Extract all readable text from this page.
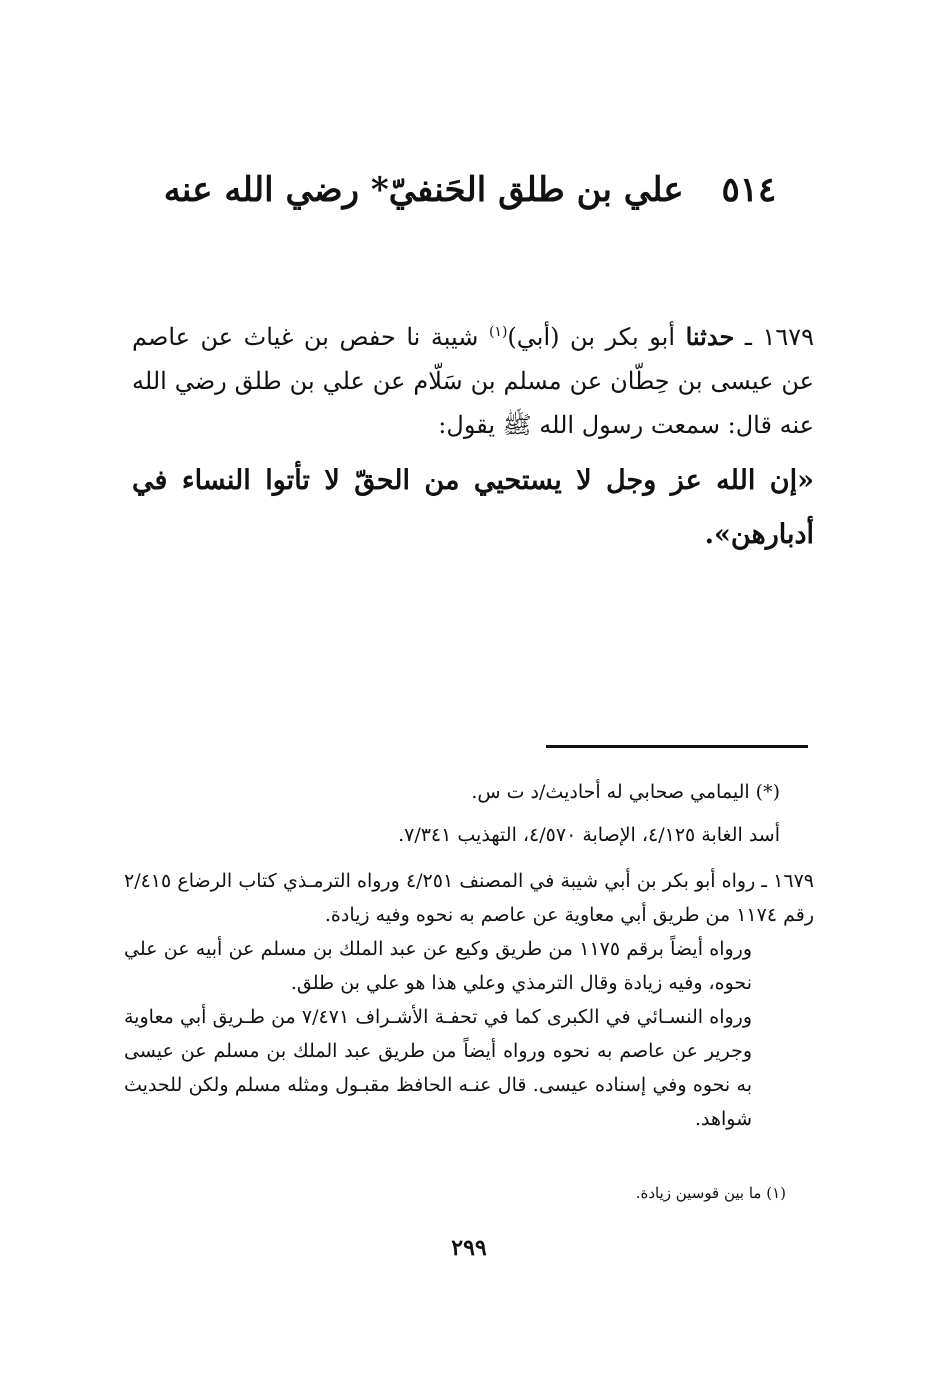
٥١٤ علي بن طلق الحَنفيّ* رضي الله عنه
١٦٧٩ ـ حدثنا أبو بكر بن (أبي)$^{(١)}$ شيبة نا حفص بن غياث عن عاصم عن عيسى بن حِطّان عن مسلم بن سَلّام عن علي بن طلق رضي الله عنه قال: سمعت رسول الله ﷺ يقول:
«إن الله عز وجل لا يستحيي من الحقّ لا تأتوا النساء في أدبارهن».
(*) اليمامي صحابي له أحاديث/د ت س.
أسد الغابة ٤/١٢٥، الإصابة ٤/٥٧٠، التهذيب ٧/٣٤١.

١٦٧٩ ـ رواه أبو بكر بن أبي شيبة في المصنف ٤/٢٥١ ورواه الترمـذي كتاب الرضاع ٢/٤١٥ رقم ١١٧٤ من طريق أبي معاوية عن عاصم به نحوه وفيه زيادة.

ورواه أيضاً برقم ١١٧٥ من طريق وكيع عن عبد الملك بن مسلم عن أبيه عن علي نحوه، وفيه زيادة وقال الترمذي وعلي هذا هو علي بن طلق.

ورواه النسـائي في الكبرى كما في تحفـة الأشـراف ٧/٤٧١ من طـريق أبي معاوية وجرير عن عاصم به نحوه ورواه أيضاً من طريق عبد الملك بن مسلم عن عيسى به نحوه وفي إسناده عيسى. قال عنـه الحافظ مقبـول ومثله مسلم ولكن للحديث شواهد.

(١) ما بين قوسين زيادة.
٢٩٩
